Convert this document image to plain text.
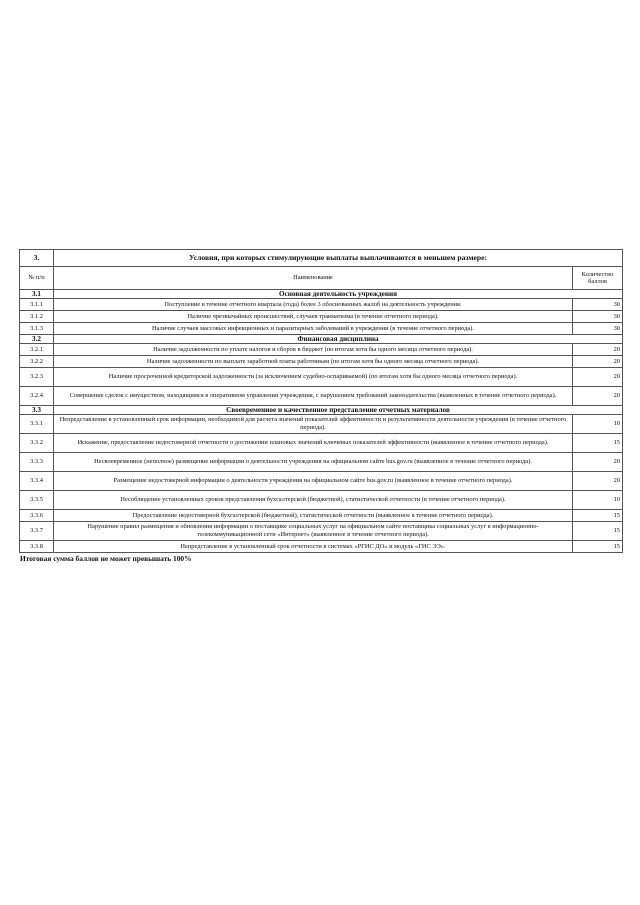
3.	Условия, при которых стимулирующие выплаты выплачиваются в меньшем размере:	
№ п/п	Наименование	Количество баллов
3.1	Основная деятельность учреждения	
3.1.1	Поступление в течение отчетного квартала (года) более 3 обоснованных жалоб на деятельность учреждения.	30
3.1.2	Наличие чрезвычайных происшествий, случаев травматизма (в течение отчетного периода).	30
3.1.3	Наличие случаев массовых инфекционных и паразитарных заболеваний в учреждении (в течение отчетного периода).	30
3.2	Финансовая дисциплина	
3.2.1	Наличие задолженности по уплате налогов и сборов в бюджет (по итогам хотя бы одного месяца отчетного периода).	20
3.2.2	Наличие задолженности по выплате заработной платы работникам (по итогам хотя бы одного месяца отчетного периода).	20
3.2.3	Наличие просроченной кредиторской задолженности (за исключением судебно-оспариваемой) (по итогам хотя бы одного месяца отчетного периода).	20
3.2.4	Совершение сделок с имуществом, находящимся в оперативном управлении учреждения, с нарушением требований законодательства (выявленных в течение отчетного периода).	20
3.3	Своевременное и качественное представление отчетных материалов	
3.3.1	Непредставление в установленный срок информации, необходимой для расчета значений показателей эффективности и результативности деятельности учреждения (в течение отчетного периода).	10
3.3.2	Искажение, предоставление недостоверной отчетности о достижении плановых значений ключевых показателей эффективности (выявленное в течение отчетного периода).	15
3.3.3	Несвоевременное (неполное) размещение информации о деятельности учреждения на официальном сайте bus.gov.ru (выявленное в течение отчетного периода).	20
3.3.4	Размещение недостоверной информации о деятельности учреждения на официальном сайте bus.gov.ru (выявленное в течение отчетного периода).	20
3.3.5	Несоблюдение установленных сроков представления бухгалтерской (бюджетной), статистической отчетности (в течение отчетного периода).	10
3.3.6	Предоставление недостоверной бухгалтерской (бюджетной), статистической отчетности (выявленное в течение отчетного периода).	15
3.3.7	Нарушение правил размещения и обновления информации о поставщике социальных услуг на официальном сайте поставщика социальных услуг в информационно-телекоммуникационной сети «Интернет» (выявленное в течение отчетного периода).	15
3.3.8	Непредставление в установленный срок отчетности в системах «РГИС ДО» и модуль «ГИС ЭЭ».	15
Итоговая сумма баллов не может превышать 100%
